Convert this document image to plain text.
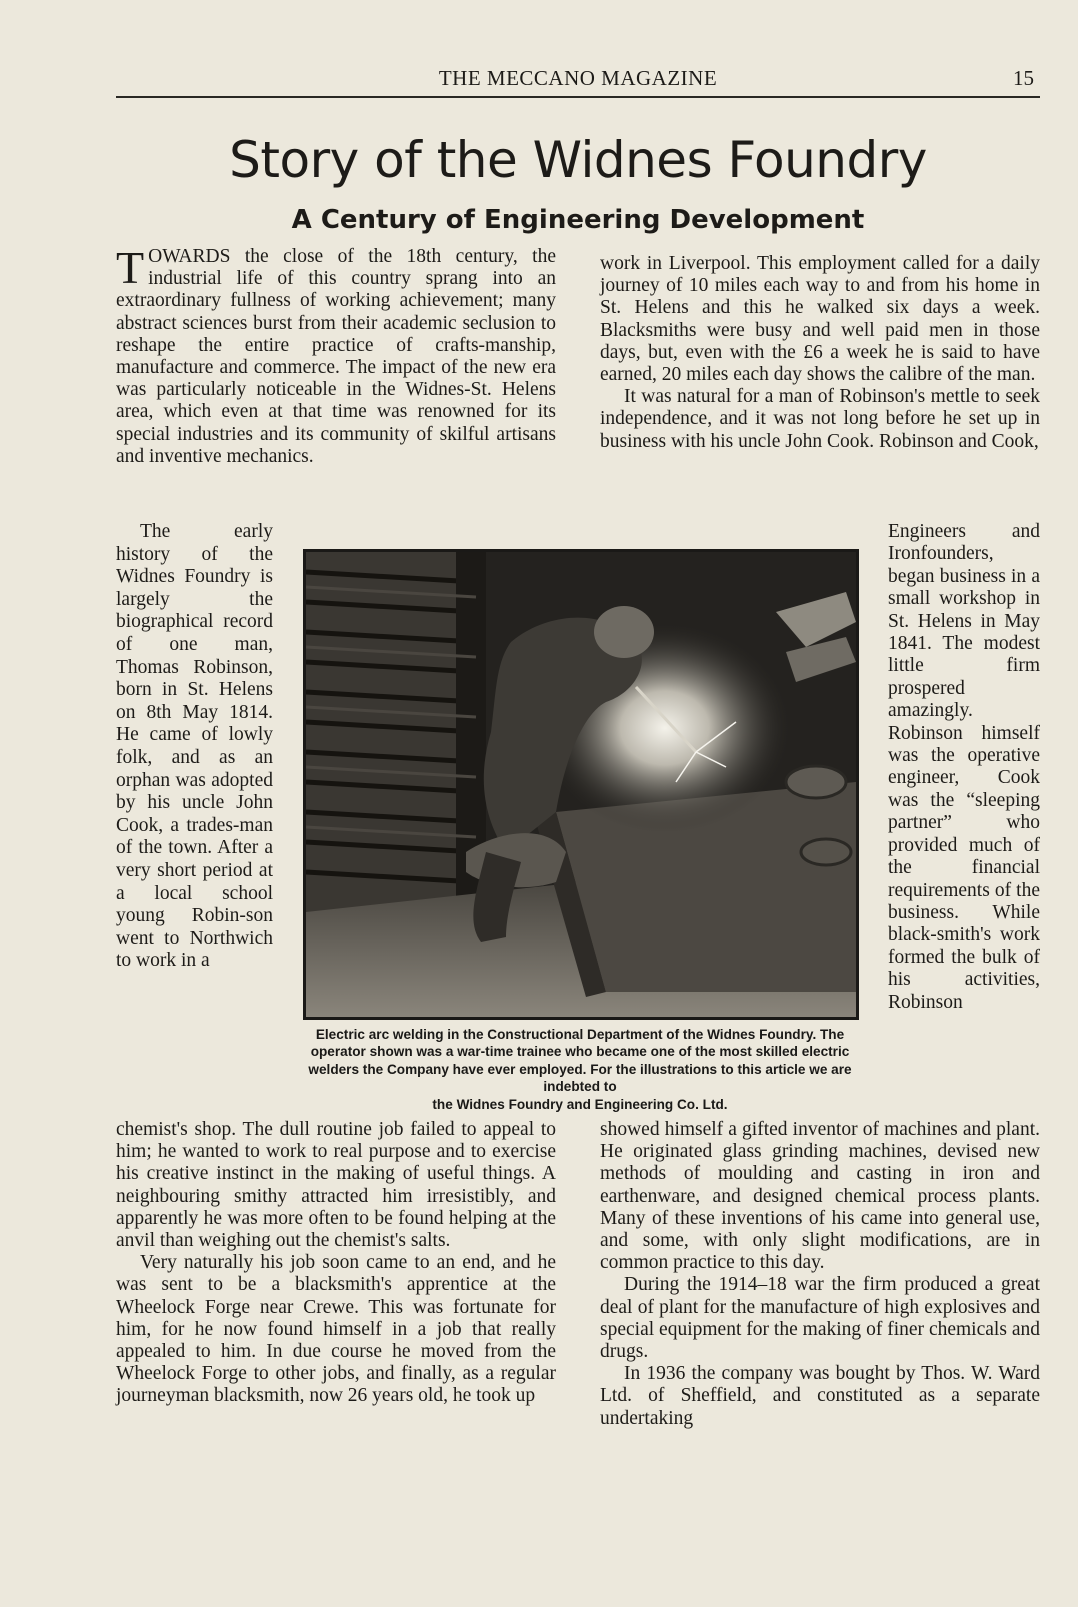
THE MECCANO MAGAZINE	15
Story of the Widnes Foundry
A Century of Engineering Development

TOWARDS the close of the 18th century, the industrial life of this country sprang into an extraordinary fullness of working achievement; many abstract sciences burst from their academic seclusion to reshape the entire practice of crafts-manship, manufacture and commerce. The impact of the new era was particularly noticeable in the Widnes-St. Helens area, which even at that time was renowned for its special industries and its community of skilful artisans and inventive mechanics.

The early history of the Widnes Foundry is largely the biographical record of one man, Thomas Robinson, born in St. Helens on 8th May 1814. He came of lowly folk, and as an orphan was adopted by his uncle John Cook, a trades-man of the town. After a very short period at a local school young Robin-son went to Northwich to work in a

chemist's shop. The dull routine job failed to appeal to him; he wanted to work to real purpose and to exercise his creative instinct in the making of useful things. A neighbouring smithy attracted him irresistibly, and apparently he was more often to be found helping at the anvil than weighing out the chemist's salts.

Very naturally his job soon came to an end, and he was sent to be a blacksmith's apprentice at the Wheelock Forge near Crewe. This was fortunate for him, for he now found himself in a job that really appealed to him. In due course he moved from the Wheelock Forge to other jobs, and finally, as a regular journeyman blacksmith, now 26 years old, he took up

work in Liverpool. This employment called for a daily journey of 10 miles each way to and from his home in St. Helens and this he walked six days a week. Blacksmiths were busy and well paid men in those days, but, even with the £6 a week he is said to have earned, 20 miles each day shows the calibre of the man.

It was natural for a man of Robinson's mettle to seek independence, and it was not long before he set up in business with his uncle John Cook. Robinson and Cook,

Engineers and Ironfounders, began business in a small workshop in St. Helens in May 1841. The modest little firm prospered amazingly. Robinson himself was the operative engineer, Cook was the “sleeping partner” who provided much of the financial requirements of the business. While black-smith's work formed the bulk of his activities, Robinson

showed himself a gifted inventor of machines and plant. He originated glass grinding machines, devised new methods of moulding and casting in iron and earthenware, and designed chemical process plants. Many of these inventions of his came into general use, and some, with only slight modifications, are in common practice to this day.

During the 1914–18 war the firm produced a great deal of plant for the manufacture of high explosives and special equipment for the making of finer chemicals and drugs.

In 1936 the company was bought by Thos. W. Ward Ltd. of Sheffield, and constituted as a separate undertaking

Electric arc welding in the Constructional Department of the Widnes Foundry. The operator shown was a war-time trainee who became one of the most skilled electric welders the Company have ever employed. For the illustrations to this article we are indebted to
the Widnes Foundry and Engineering Co. Ltd.
